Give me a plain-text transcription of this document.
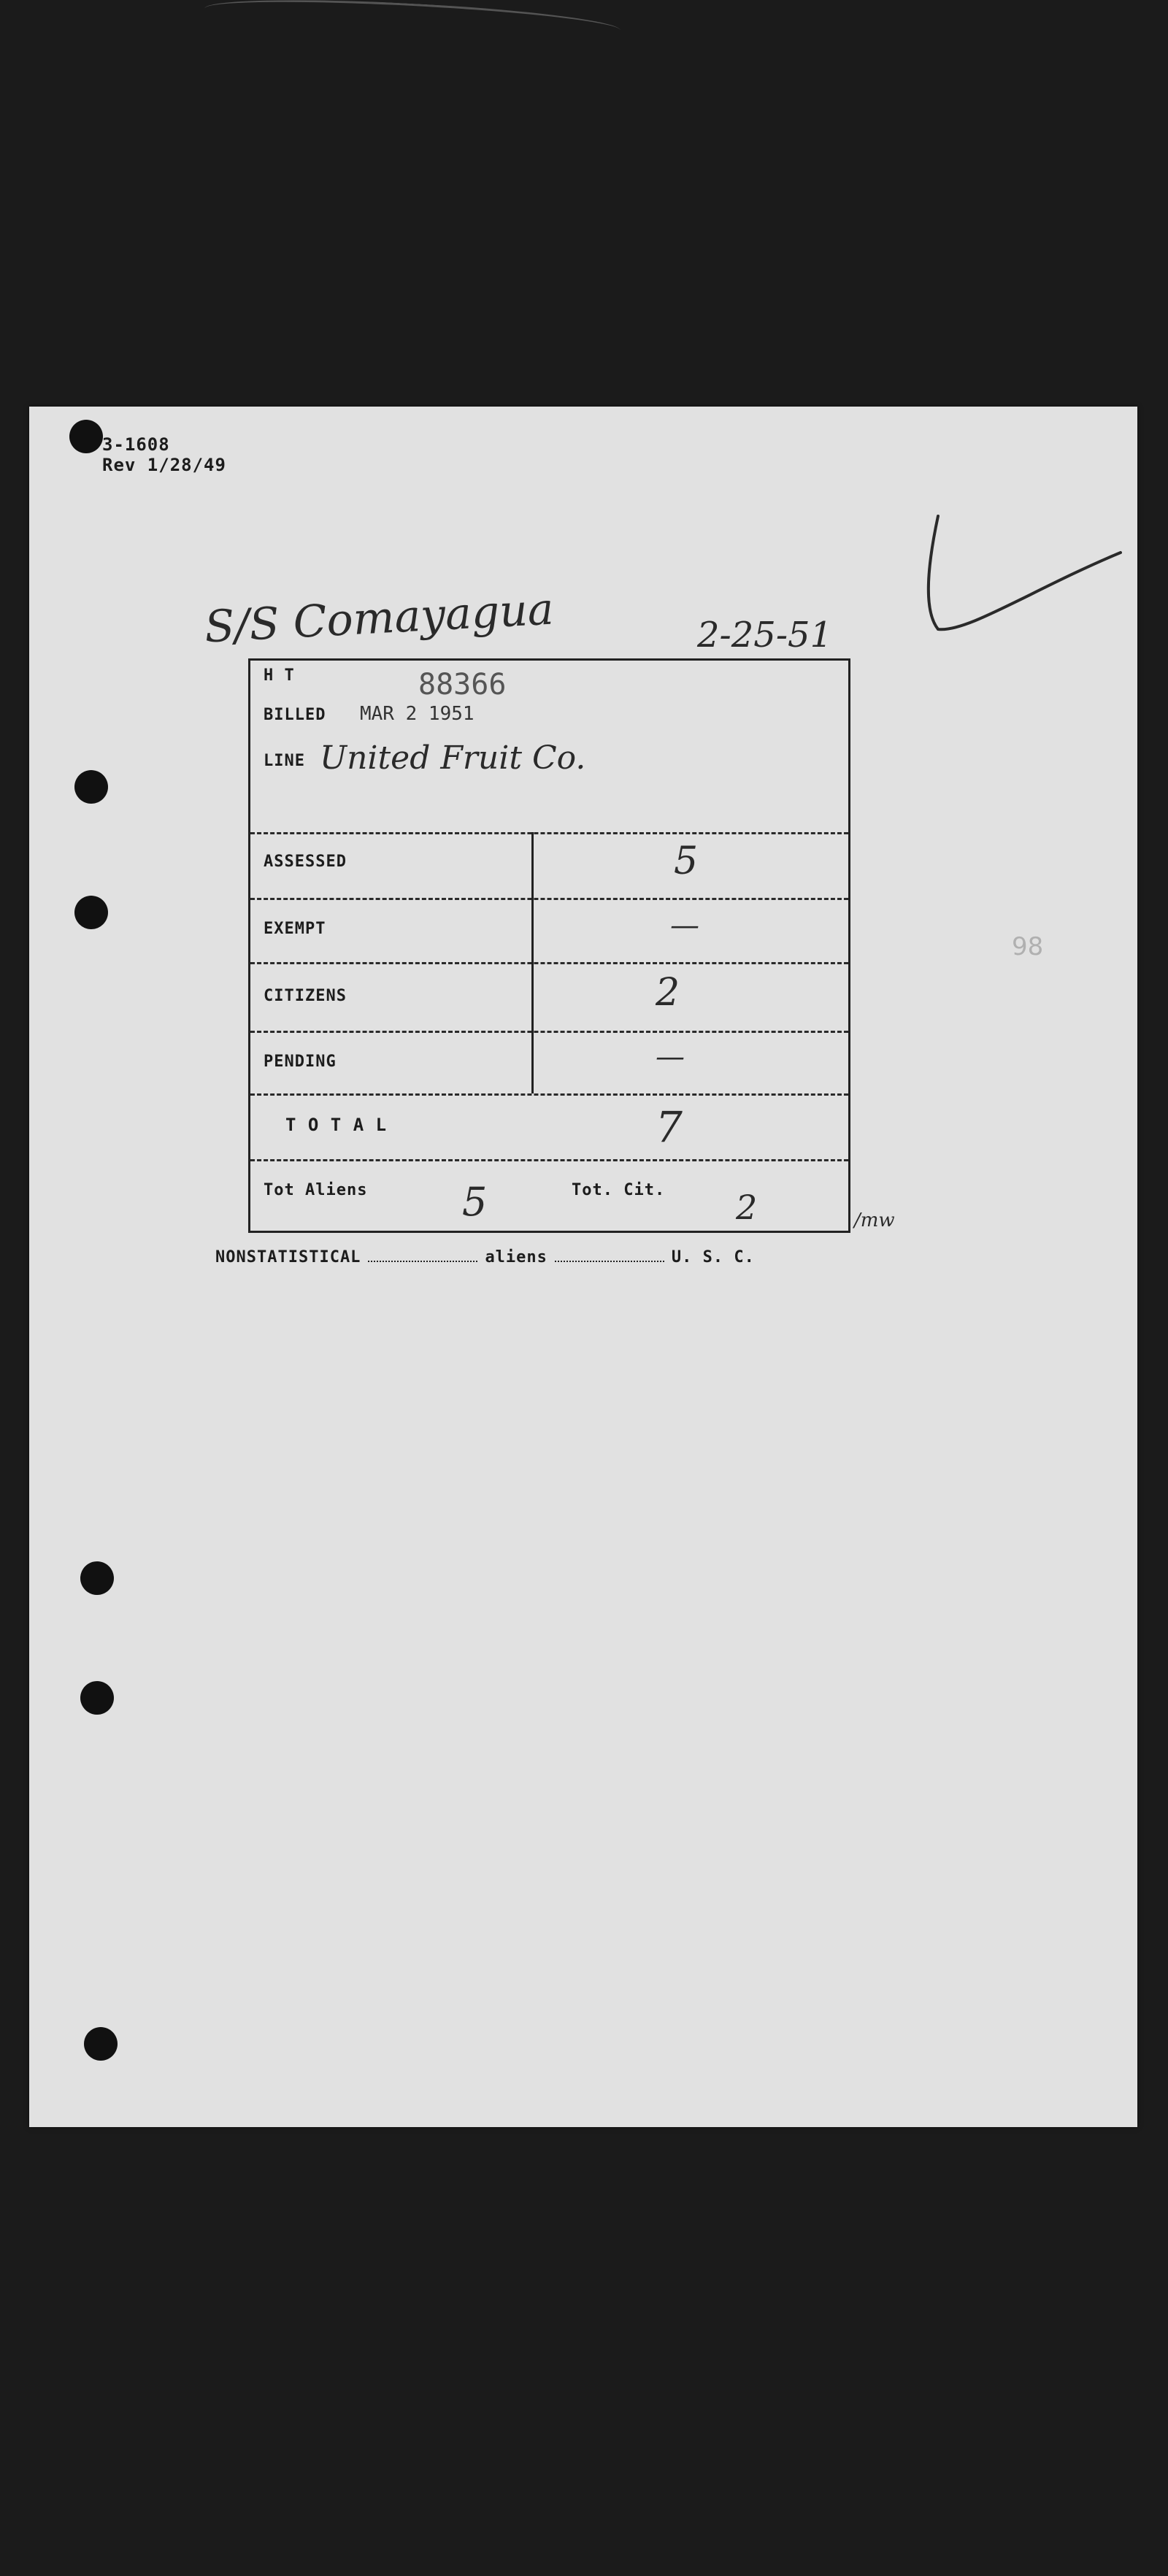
3-1608
Rev 1/28/49
S/S Comayagua	2-25-51
H T	88366
BILLED MAR 2 1951
LINE United Fruit Co.
ASSESSED	5
EXEMPT	—
CITIZENS	2
PENDING	—
T O T A L	7
Tot Aliens 5	Tot. Cit. 2	/mw
NONSTATISTICAL	aliens	U. S. C.
98
